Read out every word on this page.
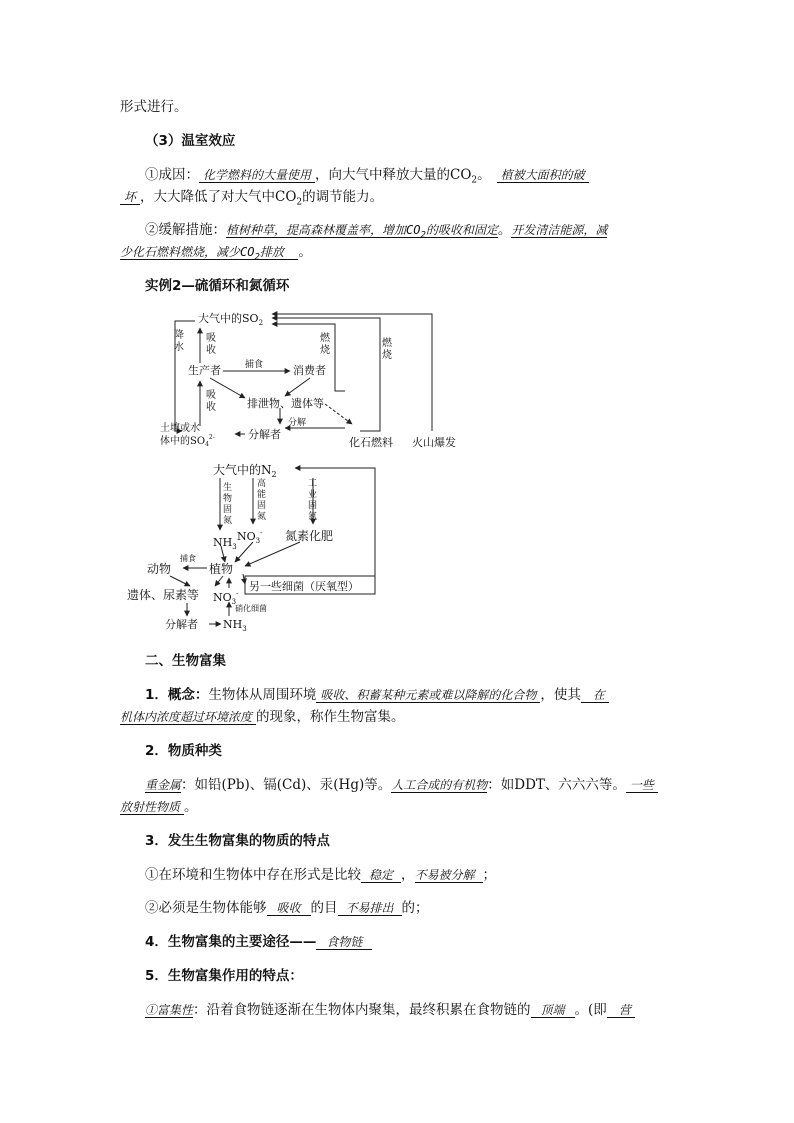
形式进行。
（3）温室效应
①成因： 化学燃料的大量使用 ，向大气中释放大量的$CO_2$。 植被大面积的破
坏 ，大大降低了对大气中$CO_2$的调节能力。
②缓解措施：植树种草，提高森林覆盖率，增加$CO_2$的吸收和固定。开发清洁能源，减
少化石燃料燃烧，减少$CO_2$排放 。
实例2—硫循环和氮循环
大气中的$SO_2$
降
水
吸
收
吸
收
燃
烧
燃
烧
生产者	捕食	消费者
排泄物、遗体等
土壤或水
体中的$SO_4^{2-}$	分解者
分解
化石燃料 火山爆发
大气中的$N_2$
生
物
固
氮
高
能
固
氮
工
业
固
氮
$NH_3$
$NO_3^-$ 氮素化肥
捕食
动物	植物
另一些细菌（厌氧型）
遗体、尿素等 $NO_3^-$
硝化细菌
分解者 $NH_3$
二、生物富集
1．概念：生物体从周围环境 吸收、积蓄某种元素或难以降解的化合物 ，使其 在
机体内浓度超过环境浓度 的现象，称作生物富集。
2．物质种类
重金属：如铅(Pb)、镉(Cd)、汞(Hg)等。人工合成的有机物：如DDT、六六六等。 一些
放射性物质 。
3．发生生物富集的物质的特点
①在环境和生物体中存在形式是比较 稳定 ，不易被分解 ；
②必须是生物体能够 吸收 的目 不易排出 的；
4．生物富集的主要途径—— 食物链
5．生物富集作用的特点：
①富集性：沿着食物链逐渐在生物体内聚集，最终积累在食物链的 顶端 。(即 营
